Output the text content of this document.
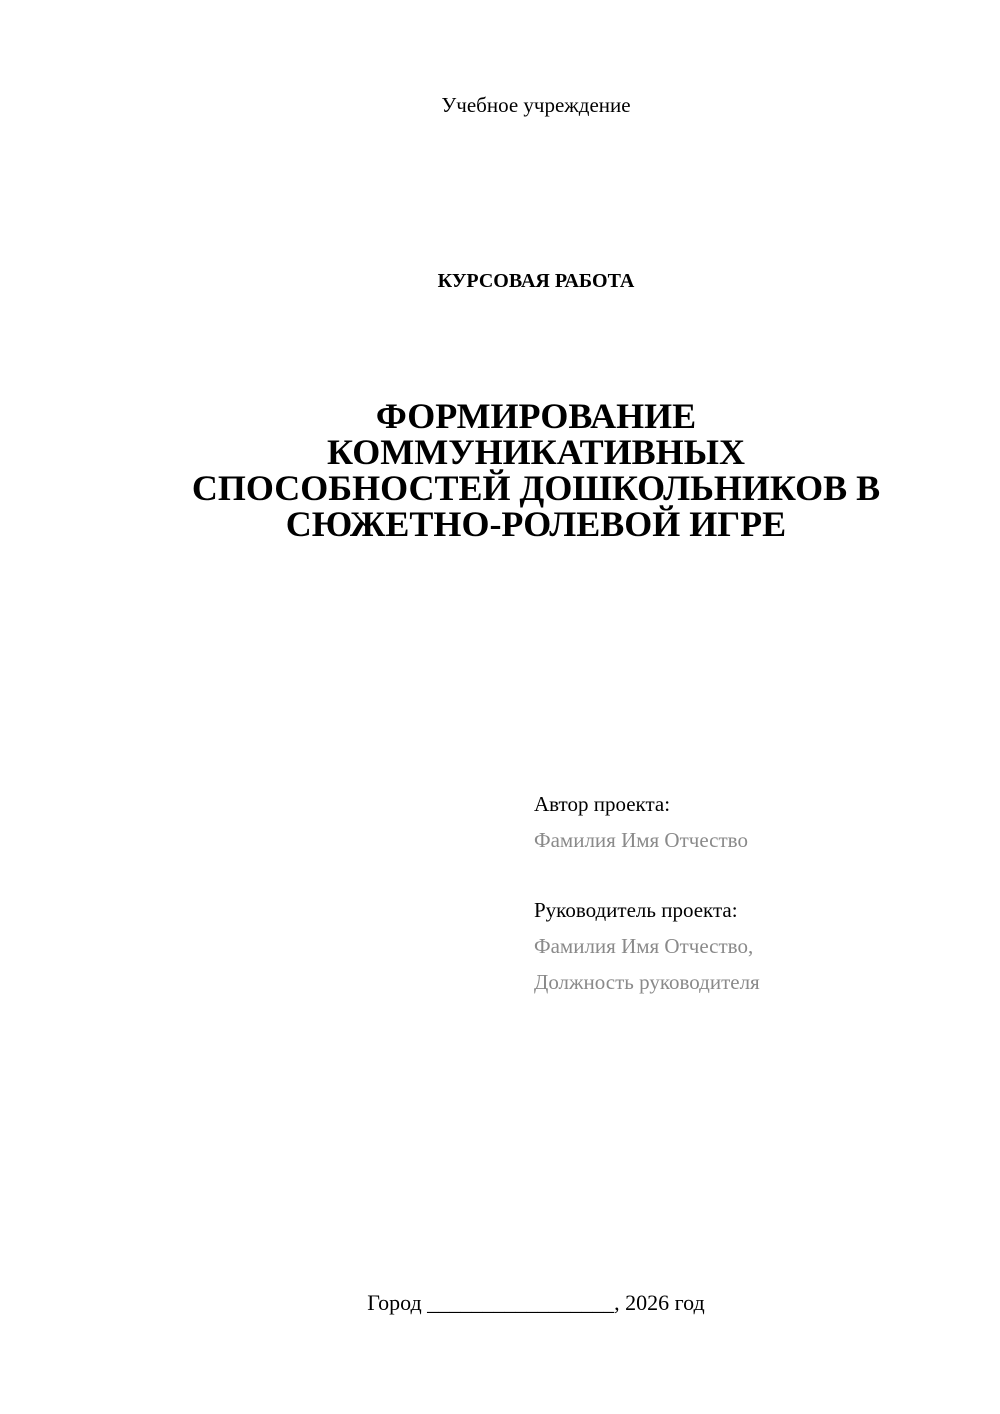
Учебное учреждение
КУРСОВАЯ РАБОТА
ФОРМИРОВАНИЕ
КОММУНИКАТИВНЫХ
СПОСОБНОСТЕЙ ДОШКОЛЬНИКОВ В
СЮЖЕТНО-РОЛЕВОЙ ИГРЕ
Автор проекта:
Фамилия Имя Отчество
Руководитель проекта:
Фамилия Имя Отчество,
Должность руководителя
Город _________________, 2026 год
